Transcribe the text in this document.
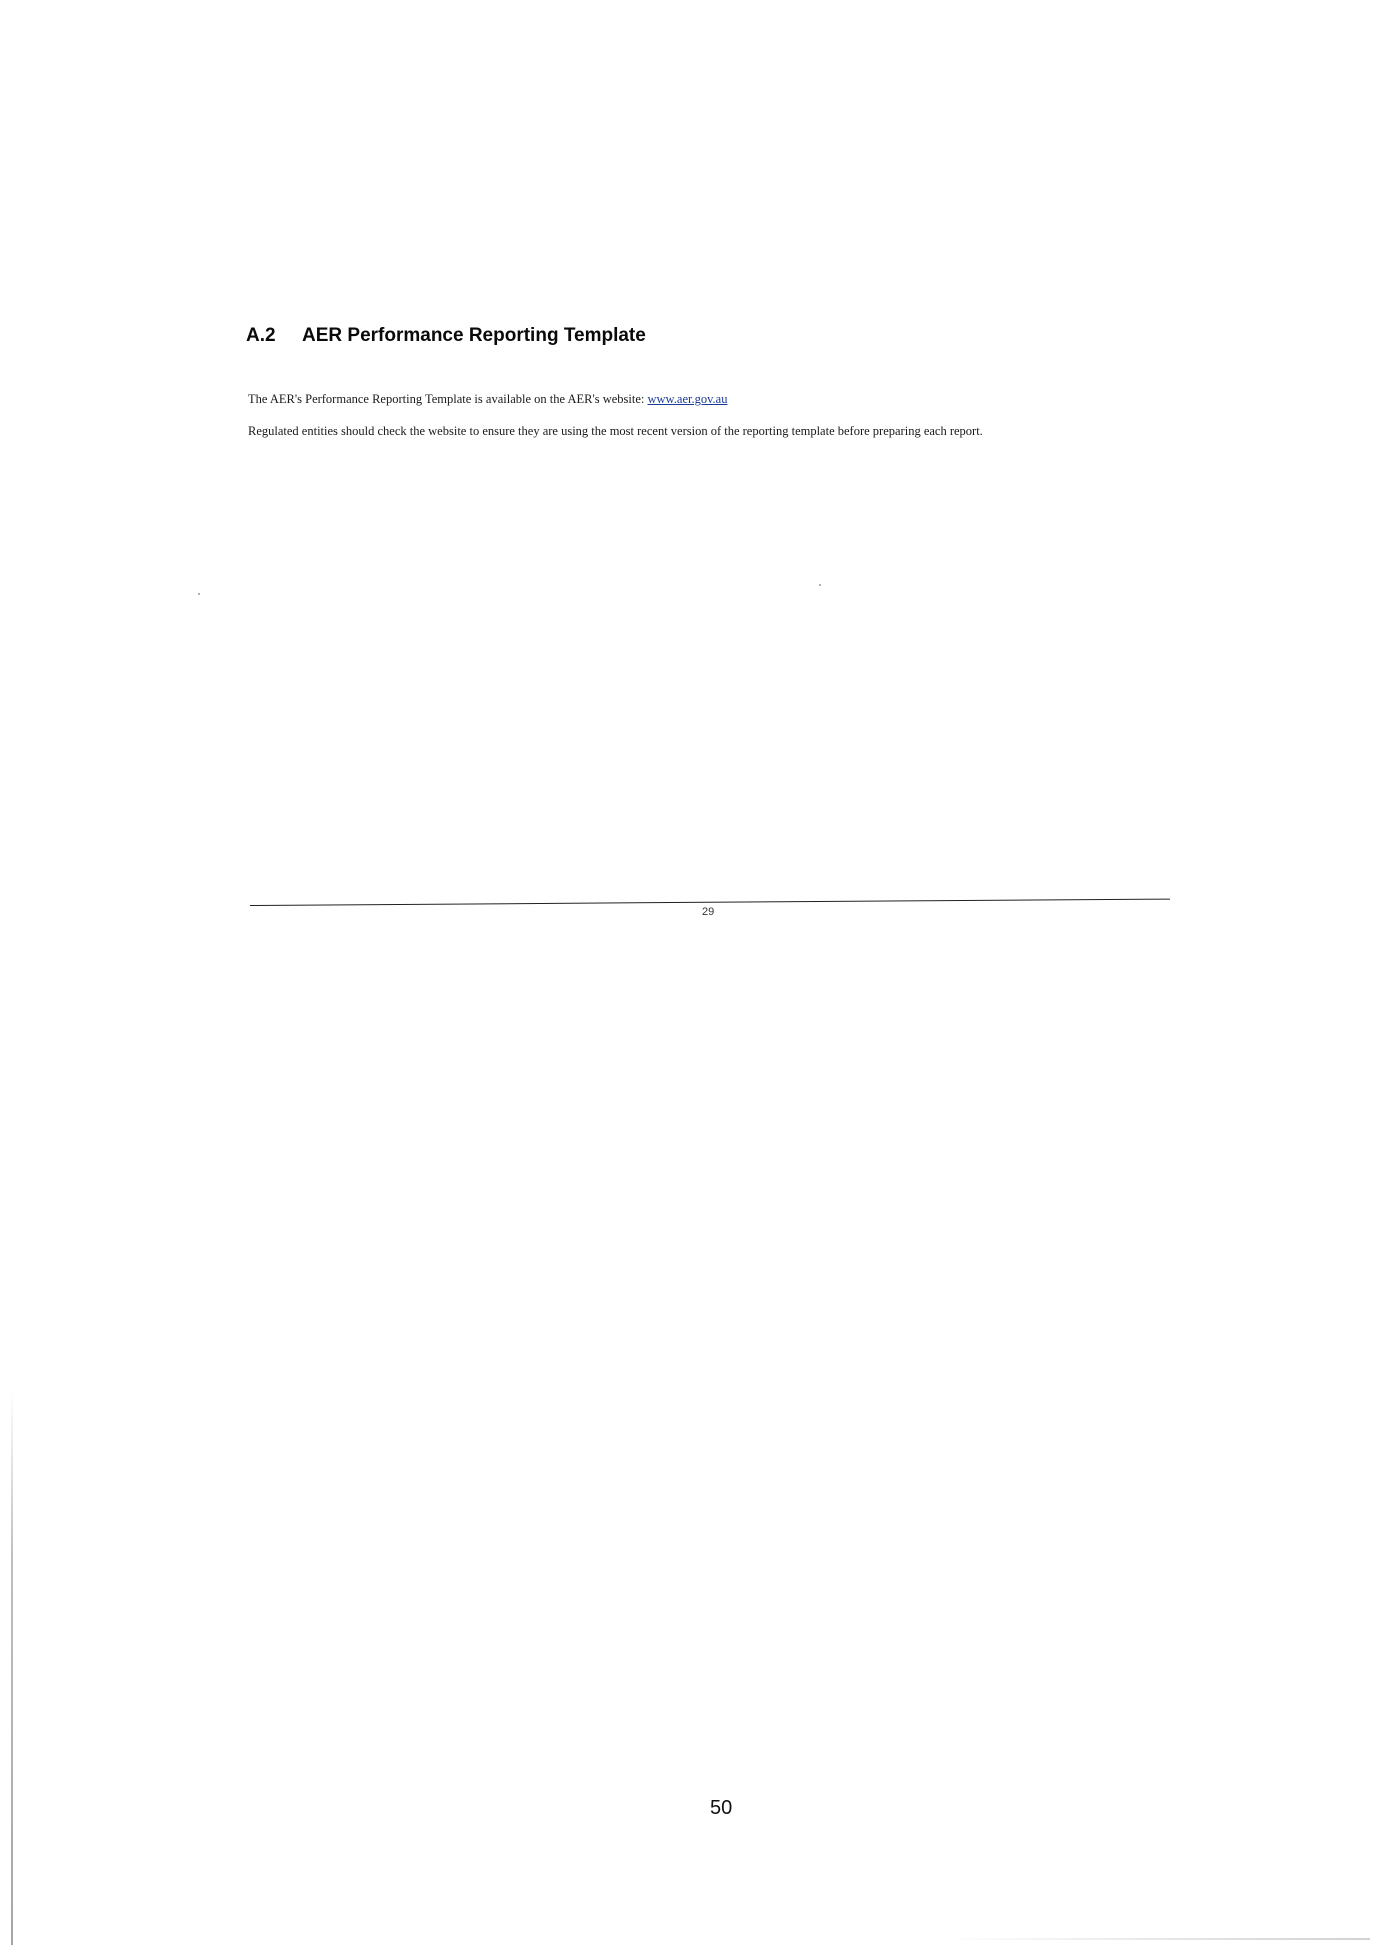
A.2 AER Performance Reporting Template
The AER's Performance Reporting Template is available on the AER's website: www.aer.gov.au
Regulated entities should check the website to ensure they are using the most recent version of the reporting template before preparing each report.
29
50
